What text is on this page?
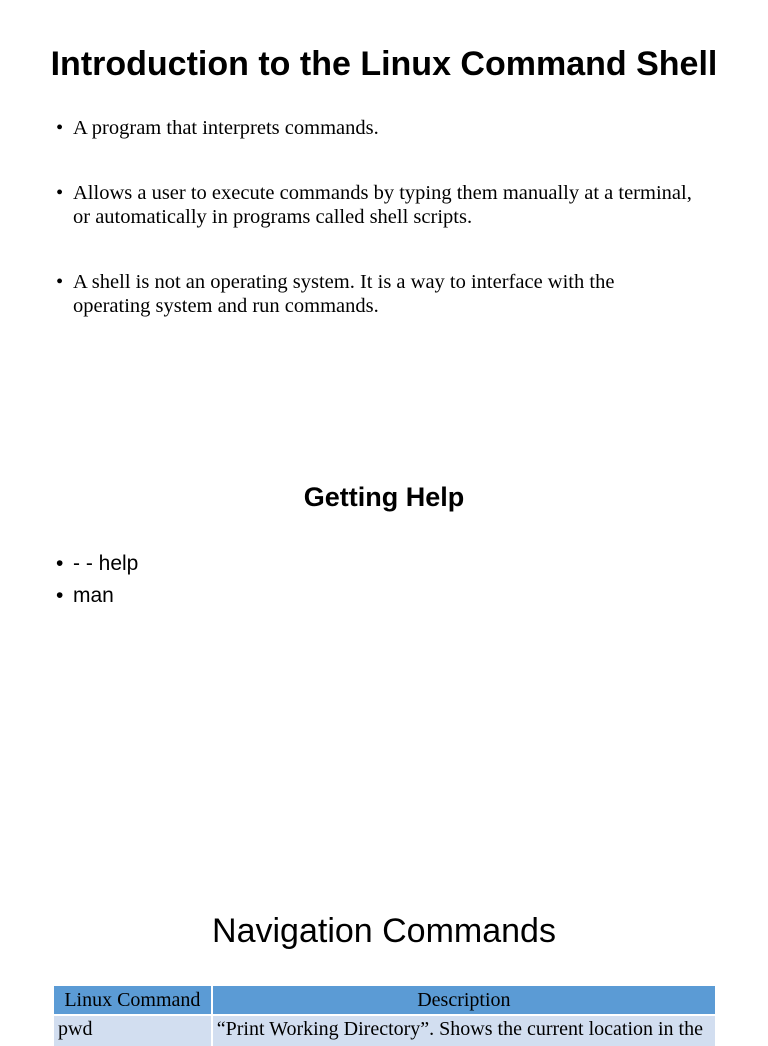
Introduction to the Linux Command Shell
• A program that interprets commands.
• Allows a user to execute commands by typing them manually at a terminal, or automatically in programs called shell scripts.
• A shell is not an operating system. It is a way to interface with the operating system and run commands.
Getting Help
• - - help
• man
Navigation Commands
Linux Command	Description
pwd	“Print Working Directory”. Shows the current location in the
